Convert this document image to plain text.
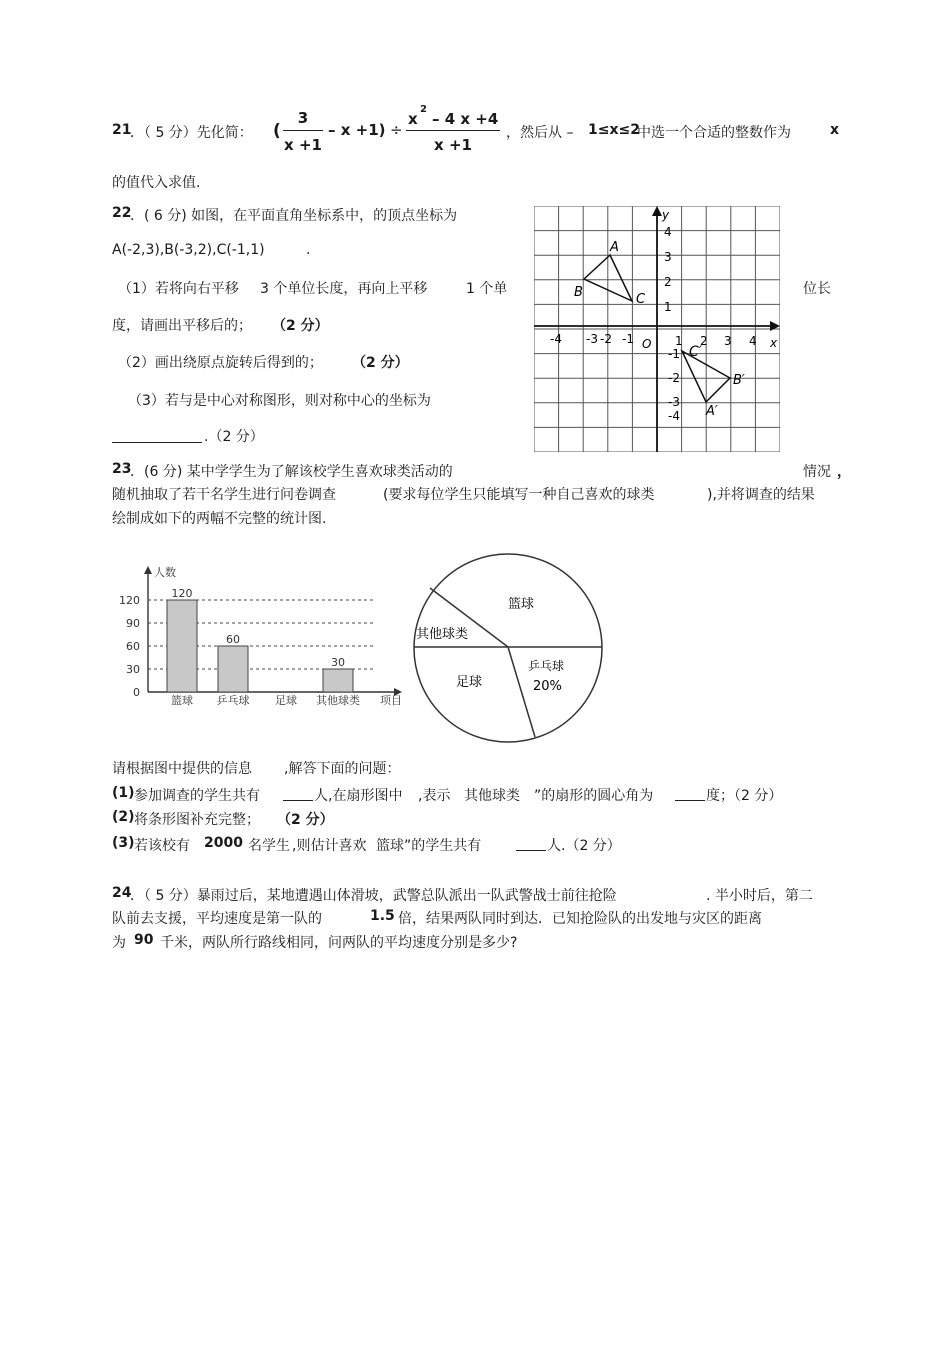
21
．（ 5 分）先化简： (
3
x +1
– x +1) ÷
x
2
– 4 x +4
x +1
，然后从 – 1≤x≤2
中选一个合适的整数作为	x
的值代入求值.
22
．( 6 分) 如图，在平面直角坐标系中，的顶点坐标为
A(-2,3),B(-3,2),C(-1,1)	.
（1）若将向右平移 3 个单位长度，再向上平移	1 个单	位长
度，请画出平移后的； （2 分）
（2）画出绕原点旋转后得到的； （2 分）
（3）若与是中心对称图形，则对称中心的坐标为
.（2 分）
x
y
O
-4 -3 -2 -1	1 2 3 4
4
3
2
1
-1
-2
-3
-4
A
B	C
C′
B′
A′
23
．(6 分) 某中学学生为了解该校学生喜欢球类活动的	情况 ，
随机抽取了若干名学生进行问卷调查	(要求每位学生只能填写一种自己喜欢的球类	),并将调查的结果
绘制成如下的两幅不完整的统计图.
人数
项目
0
30
60
90
120
120
篮球
60
乒乓球 足球
30
其他球类
篮球
其他球类
足球
乒乓球
20%
请根据图中提供的信息 ,解答下面的问题：
(1) 参加调查的学生共有	人,在扇形图中 ,表示 其他球类 ”的扇形的圆心角为	度；（2 分）
(2) 将条形图补充完整； （2 分）
(3) 若该校有 2000 名学生 ,则估计喜欢 篮球 ”的学生共有	人.（2 分）
24
．（ 5 分）暴雨过后，某地遭遇山体滑坡，武警总队派出一队武警战士前往抢险	. 半小时后，第二
队前去支援，平均速度是第一队的	1.5 倍，结果两队同时到达．已知抢险队的出发地与灾区的距离
为 90 千米，两队所行路线相同，问两队的平均速度分别是多少?
